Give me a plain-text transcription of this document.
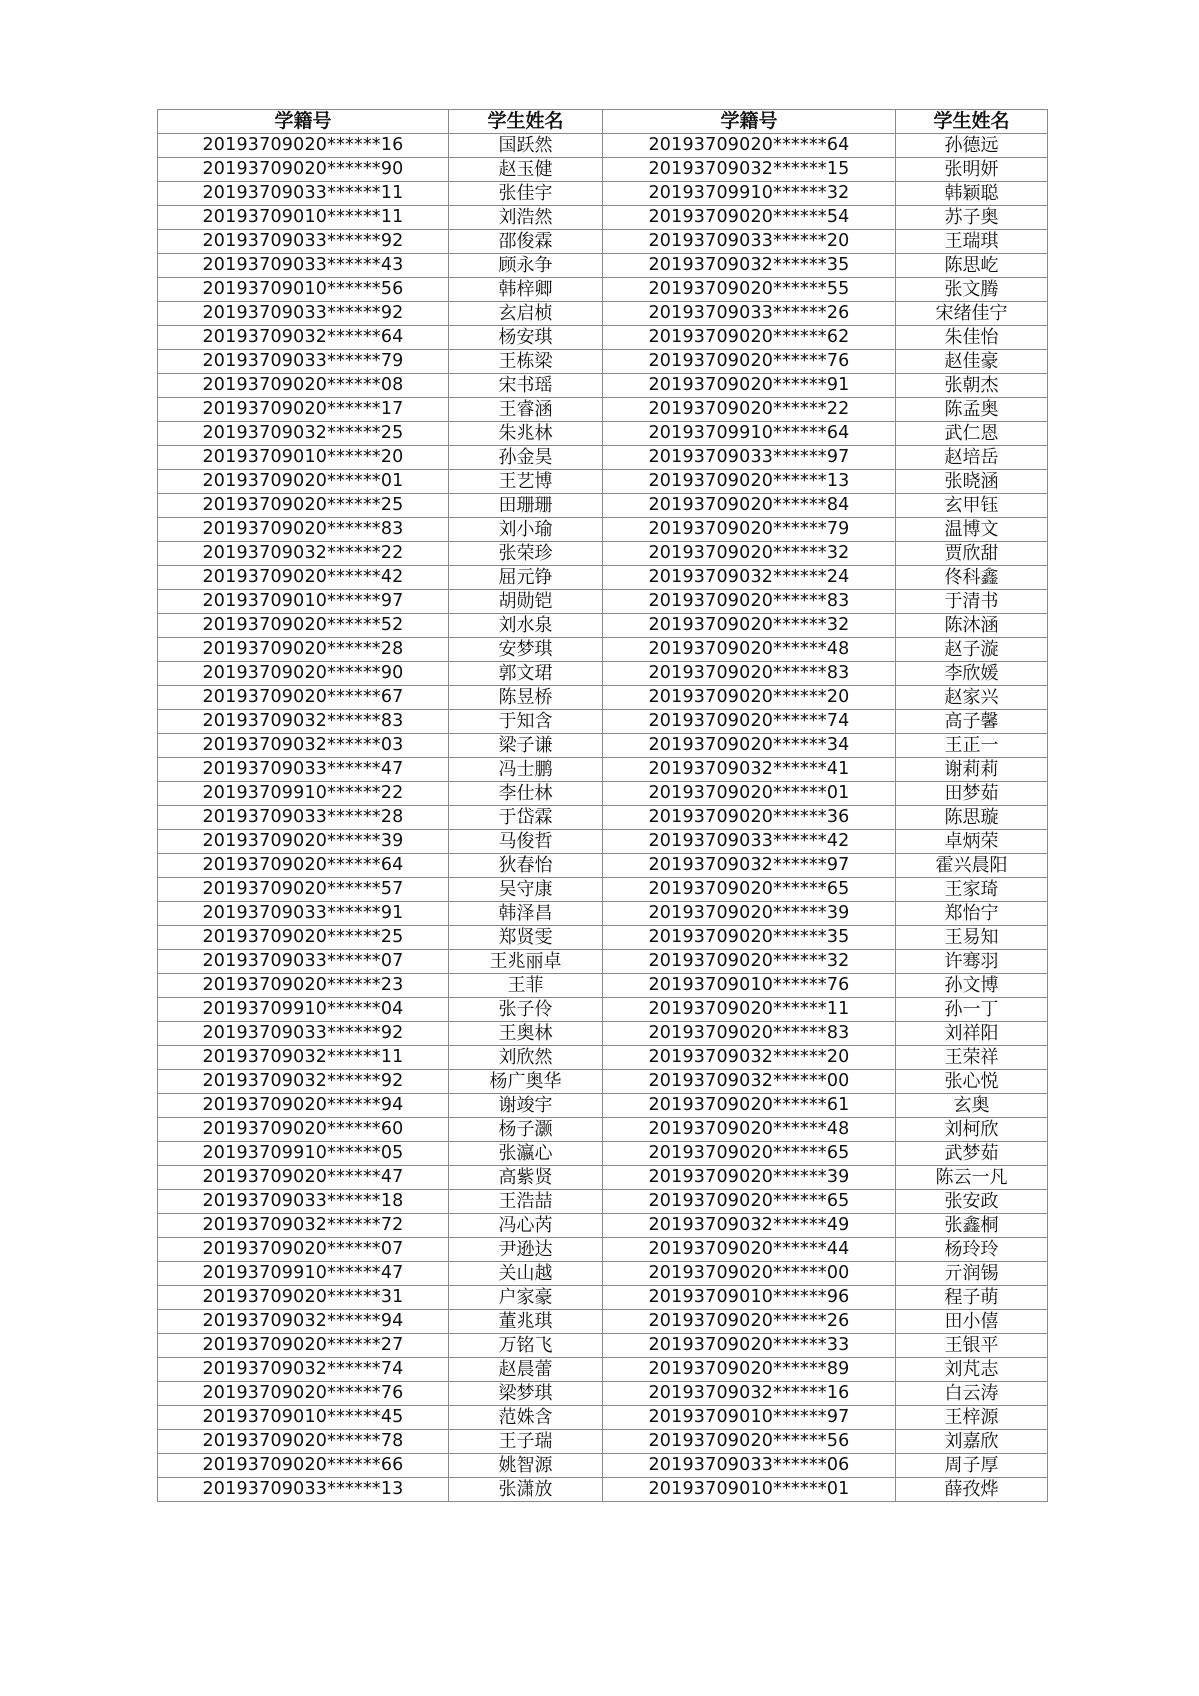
学籍号	学生姓名	学籍号	学生姓名
20193709020******16	国跃然	20193709020******64	孙德远
20193709020******90	赵玉健	20193709032******15	张明妍
20193709033******11	张佳宇	20193709910******32	韩颖聪
20193709010******11	刘浩然	20193709020******54	苏子奥
20193709033******92	邵俊霖	20193709033******20	王瑞琪
20193709033******43	顾永争	20193709032******35	陈思屹
20193709010******56	韩梓卿	20193709020******55	张文腾
20193709033******92	玄启桢	20193709033******26	宋绪佳宁
20193709032******64	杨安琪	20193709020******62	朱佳怡
20193709033******79	王栋梁	20193709020******76	赵佳豪
20193709020******08	宋书瑶	20193709020******91	张朝杰
20193709020******17	王睿涵	20193709020******22	陈孟奥
20193709032******25	朱兆林	20193709910******64	武仁恩
20193709010******20	孙金昊	20193709033******97	赵培岳
20193709020******01	王艺博	20193709020******13	张晓涵
20193709020******25	田珊珊	20193709020******84	玄甲钰
20193709020******83	刘小瑜	20193709020******79	温博文
20193709032******22	张荣珍	20193709020******32	贾欣甜
20193709020******42	屈元铮	20193709032******24	佟科鑫
20193709010******97	胡勋铠	20193709020******83	于清书
20193709020******52	刘水泉	20193709020******32	陈沐涵
20193709020******28	安梦琪	20193709020******48	赵子漩
20193709020******90	郭文珺	20193709020******83	李欣媛
20193709020******67	陈昱桥	20193709020******20	赵家兴
20193709032******83	于知含	20193709020******74	高子馨
20193709032******03	梁子谦	20193709020******34	王正一
20193709033******47	冯士鹏	20193709032******41	谢莉莉
20193709910******22	李仕林	20193709020******01	田梦茹
20193709033******28	于岱霖	20193709020******36	陈思璇
20193709020******39	马俊哲	20193709033******42	卓炳荣
20193709020******64	狄春怡	20193709032******97	霍兴晨阳
20193709020******57	吴守康	20193709020******65	王家琦
20193709033******91	韩泽昌	20193709020******39	郑怡宁
20193709020******25	郑贤雯	20193709020******35	王易知
20193709033******07	王兆丽卓	20193709020******32	许骞羽
20193709020******23	王菲	20193709010******76	孙文博
20193709910******04	张子伶	20193709020******11	孙一丁
20193709033******92	王奥林	20193709020******83	刘祥阳
20193709032******11	刘欣然	20193709032******20	王荣祥
20193709032******92	杨广奥华	20193709032******00	张心悦
20193709020******94	谢竣宇	20193709020******61	玄奥
20193709020******60	杨子灏	20193709020******48	刘柯欣
20193709910******05	张瀛心	20193709020******65	武梦茹
20193709020******47	高紫贤	20193709020******39	陈云一凡
20193709033******18	王浩喆	20193709020******65	张安政
20193709032******72	冯心芮	20193709032******49	张鑫桐
20193709020******07	尹逊达	20193709020******44	杨玲玲
20193709910******47	关山越	20193709020******00	亓润锡
20193709020******31	户家豪	20193709010******96	程子萌
20193709032******94	董兆琪	20193709020******26	田小僖
20193709020******27	万铭飞	20193709020******33	王银平
20193709032******74	赵晨蕾	20193709020******89	刘芃志
20193709020******76	梁梦琪	20193709032******16	白云涛
20193709010******45	范姝含	20193709010******97	王梓源
20193709020******78	王子瑞	20193709020******56	刘嘉欣
20193709020******66	姚智源	20193709033******06	周子厚
20193709033******13	张潇放	20193709010******01	薛孜烨
